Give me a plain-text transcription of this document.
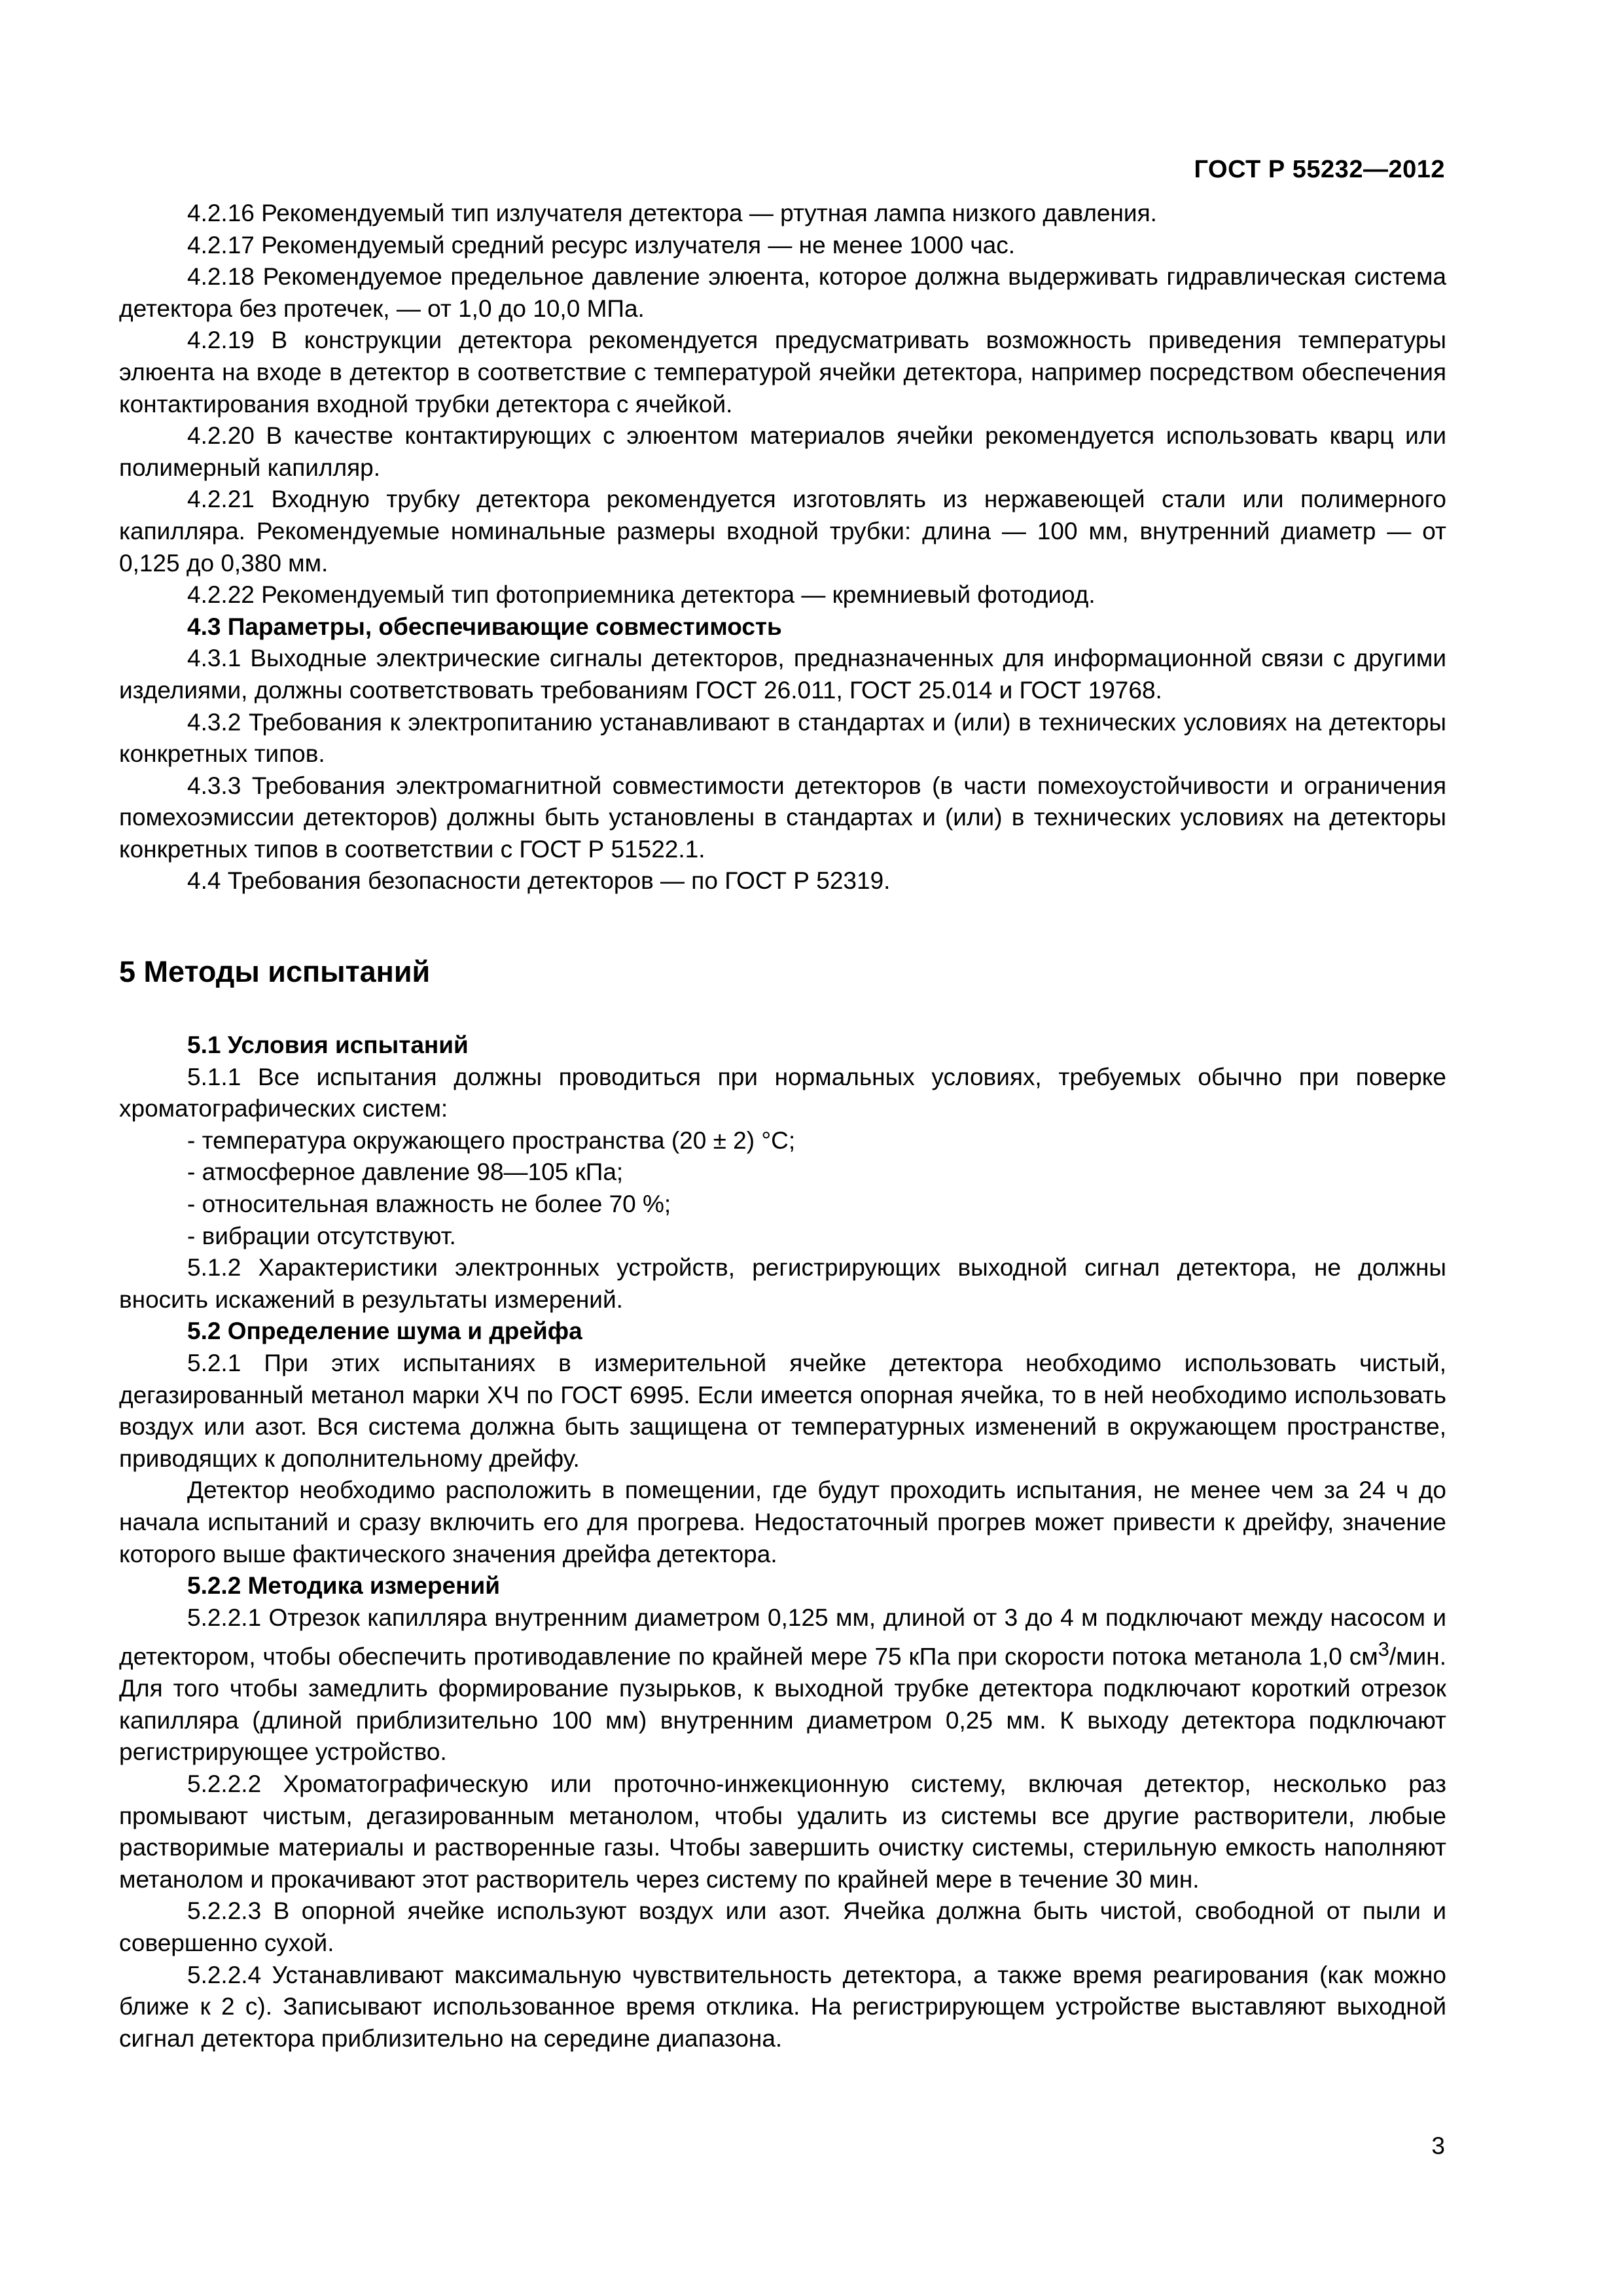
ГОСТ Р 55232—2012

4.2.16 Рекомендуемый тип излучателя детектора — ртутная лампа низкого давления.

4.2.17 Рекомендуемый средний ресурс излучателя — не менее 1000 час.

4.2.18 Рекомендуемое предельное давление элюента, которое должна выдерживать гидравлическая система детектора без протечек, — от 1,0 до 10,0 МПа.

4.2.19 В конструкции детектора рекомендуется предусматривать возможность приведения температуры элюента на входе в детектор в соответствие с температурой ячейки детектора, например посредством обеспечения контактирования входной трубки детектора с ячейкой.

4.2.20 В качестве контактирующих с элюентом материалов ячейки рекомендуется использовать кварц или полимерный капилляр.

4.2.21 Входную трубку детектора рекомендуется изготовлять из нержавеющей стали или полимерного капилляра. Рекомендуемые номинальные размеры входной трубки: длина — 100 мм, внутренний диаметр — от 0,125 до 0,380 мм.

4.2.22 Рекомендуемый тип фотоприемника детектора — кремниевый фотодиод.

4.3 Параметры, обеспечивающие совместимость

4.3.1 Выходные электрические сигналы детекторов, предназначенных для информационной связи с другими изделиями, должны соответствовать требованиям ГОСТ 26.011, ГОСТ 25.014 и ГОСТ 19768.

4.3.2 Требования к электропитанию устанавливают в стандартах и (или) в технических условиях на детекторы конкретных типов.

4.3.3 Требования электромагнитной совместимости детекторов (в части помехоустойчивости и ограничения помехоэмиссии детекторов) должны быть установлены в стандартах и (или) в технических условиях на детекторы конкретных типов в соответствии с ГОСТ Р 51522.1.

4.4 Требования безопасности детекторов — по ГОСТ Р 52319.

5 Методы испытаний

5.1 Условия испытаний

5.1.1 Все испытания должны проводиться при нормальных условиях, требуемых обычно при поверке хроматографических систем:

- температура окружающего пространства (20 ± 2) °С;

- атмосферное давление 98—105 кПа;

- относительная влажность не более 70 %;

- вибрации отсутствуют.

5.1.2 Характеристики электронных устройств, регистрирующих выходной сигнал детектора, не должны вносить искажений в результаты измерений.

5.2 Определение шума и дрейфа

5.2.1 При этих испытаниях в измерительной ячейке детектора необходимо использовать чистый, дегазированный метанол марки ХЧ по ГОСТ 6995. Если имеется опорная ячейка, то в ней необходимо использовать воздух или азот. Вся система должна быть защищена от температурных изменений в окружающем пространстве, приводящих к дополнительному дрейфу.

Детектор необходимо расположить в помещении, где будут проходить испытания, не менее чем за 24 ч до начала испытаний и сразу включить его для прогрева. Недостаточный прогрев может привести к дрейфу, значение которого выше фактического значения дрейфа детектора.

5.2.2 Методика измерений

5.2.2.1 Отрезок капилляра внутренним диаметром 0,125 мм, длиной от 3 до 4 м подключают между насосом и детектором, чтобы обеспечить противодавление по крайней мере 75 кПа при скорости потока метанола 1,0 $см^3$/мин. Для того чтобы замедлить формирование пузырьков, к выходной трубке детектора подключают короткий отрезок капилляра (длиной приблизительно 100 мм) внутренним диаметром 0,25 мм. К выходу детектора подключают регистрирующее устройство.

5.2.2.2 Хроматографическую или проточно-инжекционную систему, включая детектор, несколько раз промывают чистым, дегазированным метанолом, чтобы удалить из системы все другие растворители, любые растворимые материалы и растворенные газы. Чтобы завершить очистку системы, стерильную емкость наполняют метанолом и прокачивают этот растворитель через систему по крайней мере в течение 30 мин.

5.2.2.3 В опорной ячейке используют воздух или азот. Ячейка должна быть чистой, свободной от пыли и совершенно сухой.

5.2.2.4 Устанавливают максимальную чувствительность детектора, а также время реагирования (как можно ближе к 2 с). Записывают использованное время отклика. На регистрирующем устройстве выставляют выходной сигнал детектора приблизительно на середине диапазона.

3
